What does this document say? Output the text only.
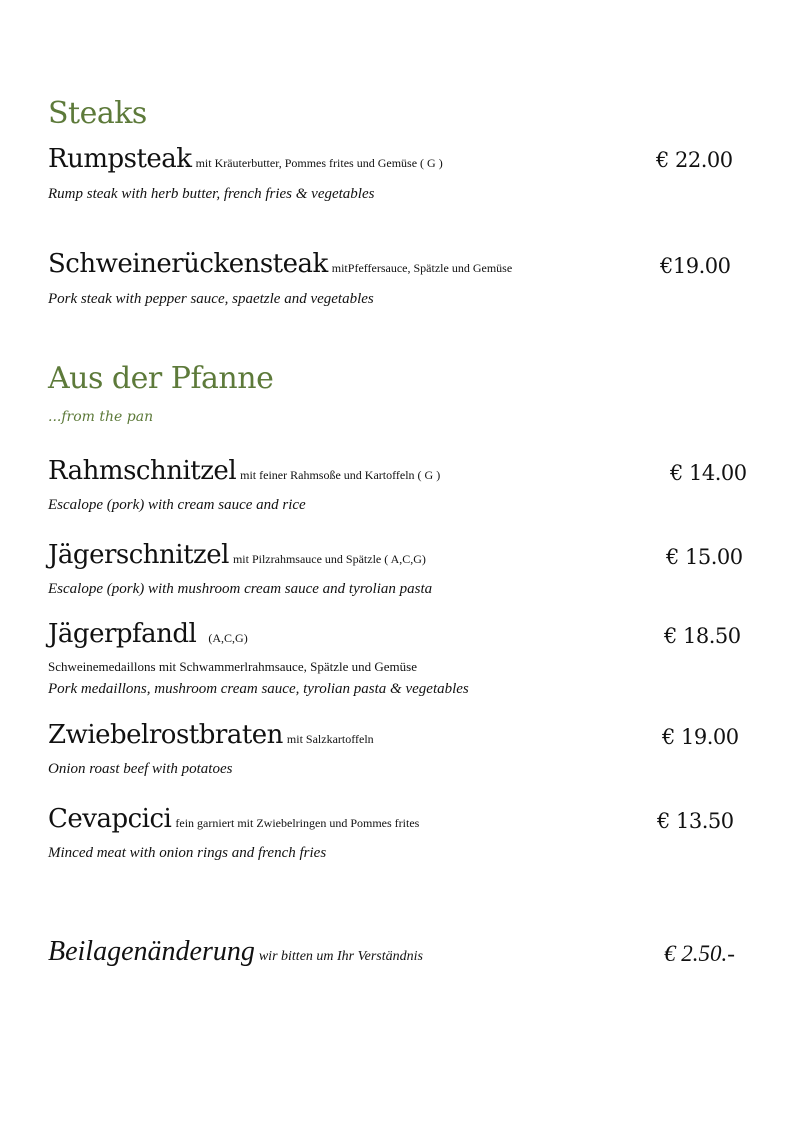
Steaks
Rumpsteak mit Kräuterbutter, Pommes frites und Gemüse ( G )	€ 22.00
Rump steak with herb butter, french fries & vegetables
Schweinerückensteak mitPfeffersauce, Spätzle und Gemüse	€19.00
Pork steak with pepper sauce, spaetzle and vegetables
Aus der Pfanne
...from the pan
Rahmschnitzel mit feiner Rahmsoße und Kartoffeln ( G )	€ 14.00
Escalope (pork) with cream sauce and rice
Jägerschnitzel mit Pilzrahmsauce und Spätzle ( A,C,G)	€ 15.00
Escalope (pork) with mushroom cream sauce and tyrolian pasta
Jägerpfandl (A,C,G)	€ 18.50
Schweinemedaillons mit Schwammerlrahmsauce, Spätzle und Gemüse
Pork medaillons, mushroom cream sauce, tyrolian pasta & vegetables
Zwiebelrostbraten mit Salzkartoffeln	€ 19.00
Onion roast beef with potatoes
Cevapcici fein garniert mit Zwiebelringen und Pommes frites	€ 13.50
Minced meat with onion rings and french fries
Beilagenänderung wir bitten um Ihr Verständnis	€ 2.50.-
